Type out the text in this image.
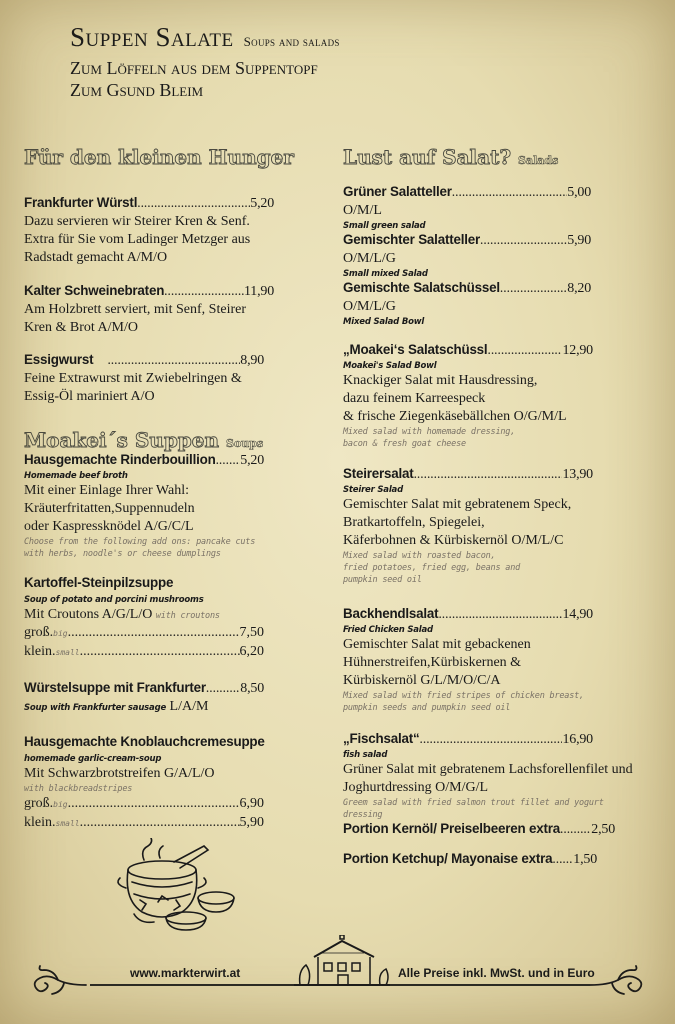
Suppen Salate Soups and salads
Zum Löffeln aus dem Suppentopf
Zum Gsund Bleim
Für den kleinen Hunger
Frankfurter Würstl .....	5,20
Dazu servieren wir Steirer Kren & Senf.
Extra für Sie vom Ladinger Metzger aus
Radstadt gemacht A/M/O
Kalter Schweinebraten .....	11,90
Am Holzbrett serviert, mit Senf, Steirer
Kren & Brot A/M/O
Essigwurst .....	8,90
Feine Extrawurst mit Zwiebelringen &
Essig-Öl mariniert A/O
Moakei´s Suppen Soups
Hausgemachte Rinderbouillion ..... 5,20
Homemade beef broth
Mit einer Einlage Ihrer Wahl:
Kräuterfritatten,Suppennudeln
oder Kaspressknödel A/G/C/L
Choose from the following add ons: pancake cuts
with herbs, noodle's or cheese dumplings
Kartoffel-Steinpilzsuppe
Soup of potato and porcini mushrooms
Mit Croutons A/G/L/O with croutons
groß. big .....	7,50
klein. small .....	6,20
Würstelsuppe mit Frankfurter ..... 8,50
Soup with Frankfurter sausage L/A/M
Hausgemachte Knoblauchcremesuppe
homemade garlic-cream-soup
Mit Schwarzbrotstreifen G/A/L/O
with blackbreadstripes
groß. big .....	6,90
klein. small .....	5,90
Lust auf Salat? Salads
Grüner Salatteller .....	5,00
O/M/L
Small green salad
Gemischter Salatteller .....	5,90
O/M/L/G
Small mixed Salad
Gemischte Salatschüssel .....	8,20
O/M/L/G
Mixed Salad Bowl
„Moakei‘s Salatschüssl .....	12,90
Moakei's Salad Bowl
Knackiger Salat mit Hausdressing,
dazu feinem Karreespeck
& frische Ziegenkäsebällchen O/G/M/L
Mixed salad with homemade dressing,
bacon & fresh goat cheese
Steirersalat .....	13,90
Steirer Salad
Gemischter Salat mit gebratenem Speck,
Bratkartoffeln, Spiegelei,
Käferbohnen & Kürbiskernöl O/M/L/C
Mixed salad with roasted bacon,
fried potatoes, fried egg, beans and
pumpkin seed oil
Backhendlsalat .....	14,90
Fried Chicken Salad
Gemischter Salat mit gebackenen
Hühnerstreifen,Kürbiskernen &
Kürbiskernöl G/L/M/O/C/A
Mixed salad with fried stripes of chicken breast,
pumpkin seeds and pumpkin seed oil
„Fischsalat“ .....	16,90
fish salad
Grüner Salat mit gebratenem Lachsforellenfilet und
Joghurtdressing O/M/G/L
Greem salad with fried salmon trout fillet and yogurt dressing
Portion Kernöl/ Preiselbeeren extra ..... 2,50
Portion Ketchup/ Mayonaise extra ..... 1,50
www.markterwirt.at	Alle Preise inkl. MwSt. und in Euro
